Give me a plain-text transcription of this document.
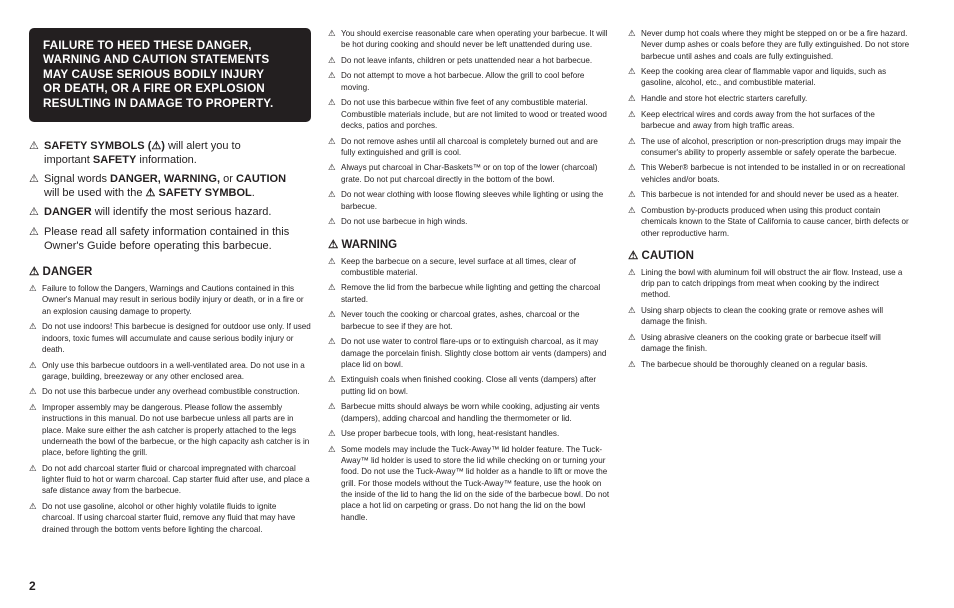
FAILURE TO HEED THESE DANGER,
WARNING AND CAUTION STATEMENTS
MAY CAUSE SERIOUS BODILY INJURY
OR DEATH, OR A FIRE OR EXPLOSION
RESULTING IN DAMAGE TO PROPERTY.
⚠ SAFETY SYMBOLS (⚠) will alert you to
important SAFETY information.
⚠ Signal words DANGER, WARNING, or CAUTION
will be used with the ⚠ SAFETY SYMBOL.
⚠ DANGER will identify the most serious hazard.
⚠ Please read all safety information contained in this Owner's Guide before operating this barbecue.
⚠ DANGER
⚠ Failure to follow the Dangers, Warnings and Cautions contained in this Owner's Manual may result in serious bodily injury or death, or in a fire or an explosion causing damage to property.
⚠ Do not use indoors! This barbecue is designed for outdoor use only. If used indoors, toxic fumes will accumulate and cause serious bodily injury or death.
⚠ Only use this barbecue outdoors in a well-ventilated area. Do not use in a garage, building, breezeway or any other enclosed area.
⚠ Do not use this barbecue under any overhead combustible construction.
⚠ Improper assembly may be dangerous. Please follow the assembly instructions in this manual. Do not use barbecue unless all parts are in place. Make sure either the ash catcher is properly attached to the legs underneath the bowl of the barbecue, or the high capacity ash catcher is in place, before lighting the grill.
⚠ Do not add charcoal starter fluid or charcoal impregnated with charcoal lighter fluid to hot or warm charcoal. Cap starter fluid after use, and place a safe distance away from the barbecue.
⚠ Do not use gasoline, alcohol or other highly volatile fluids to ignite charcoal. If using charcoal starter fluid, remove any fluid that may have drained through the bottom vents before lighting the charcoal.
⚠ You should exercise reasonable care when operating your barbecue. It will be hot during cooking and should never be left unattended during use.
⚠ Do not leave infants, children or pets unattended near a hot barbecue.
⚠ Do not attempt to move a hot barbecue. Allow the grill to cool before moving.
⚠ Do not use this barbecue within five feet of any combustible material. Combustible materials include, but are not limited to wood or treated wood decks, patios and porches.
⚠ Do not remove ashes until all charcoal is completely burned out and are fully extinguished and grill is cool.
⚠ Always put charcoal in Char-Baskets™ or on top of the lower (charcoal) grate. Do not put charcoal directly in the bottom of the bowl.
⚠ Do not wear clothing with loose flowing sleeves while lighting or using the barbecue.
⚠ Do not use barbecue in high winds.
⚠ WARNING
⚠ Keep the barbecue on a secure, level surface at all times, clear of combustible material.
⚠ Remove the lid from the barbecue while lighting and getting the charcoal started.
⚠ Never touch the cooking or charcoal grates, ashes, charcoal or the barbecue to see if they are hot.
⚠ Do not use water to control flare-ups or to extinguish charcoal, as it may damage the porcelain finish. Slightly close bottom air vents (dampers) and place lid on bowl.
⚠ Extinguish coals when finished cooking. Close all vents (dampers) after putting lid on bowl.
⚠ Barbecue mitts should always be worn while cooking, adjusting air vents (dampers), adding charcoal and handling the thermometer or lid.
⚠ Use proper barbecue tools, with long, heat-resistant handles.
⚠ Some models may include the Tuck-Away™ lid holder feature. The Tuck-Away™ lid holder is used to store the lid while checking on or turning your food. Do not use the Tuck-Away™ lid holder as a handle to lift or move the grill. For those models without the Tuck-Away™ feature, use the hook on the inside of the lid to hang the lid on the side of the barbecue bowl. Do not place a hot lid on carpeting or grass. Do not hang the lid on the bowl handle.
⚠ Never dump hot coals where they might be stepped on or be a fire hazard. Never dump ashes or coals before they are fully extinguished. Do not store barbecue until ashes and coals are fully extinguished.
⚠ Keep the cooking area clear of flammable vapor and liquids, such as gasoline, alcohol, etc., and combustible material.
⚠ Handle and store hot electric starters carefully.
⚠ Keep electrical wires and cords away from the hot surfaces of the barbecue and away from high traffic areas.
⚠ The use of alcohol, prescription or non-prescription drugs may impair the consumer's ability to properly assemble or safely operate the barbecue.
⚠ This Weber® barbecue is not intended to be installed in or on recreational vehicles and/or boats.
⚠ This barbecue is not intended for and should never be used as a heater.
⚠ Combustion by-products produced when using this product contain chemicals known to the State of California to cause cancer, birth defects or other reproductive harm.
⚠ CAUTION
⚠ Lining the bowl with aluminum foil will obstruct the air flow. Instead, use a drip pan to catch drippings from meat when cooking by the indirect method.
⚠ Using sharp objects to clean the cooking grate or remove ashes will damage the finish.
⚠ Using abrasive cleaners on the cooking grate or barbecue itself will damage the finish.
⚠ The barbecue should be thoroughly cleaned on a regular basis.
2
